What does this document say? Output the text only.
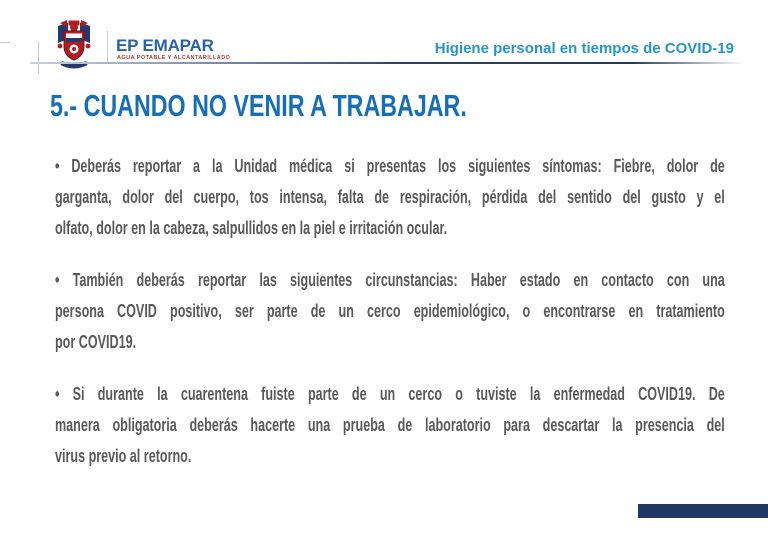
EP EMAPAR
AGUA POTABLE Y ALCANTARILLADO
Higiene personal en tiempos de COVID-19
5.- CUANDO NO VENIR A TRABAJAR.
• Deberás reportar a la Unidad médica si presentas los siguientes síntomas: Fiebre, dolor de
garganta, dolor del cuerpo, tos intensa, falta de respiración, pérdida del sentido del gusto y el
olfato, dolor en la cabeza, salpullidos en la piel e irritación ocular.
• También deberás reportar las siguientes circunstancias: Haber estado en contacto con una
persona COVID positivo, ser parte de un cerco epidemiológico, o encontrarse en tratamiento
por COVID19.
• Si durante la cuarentena fuiste parte de un cerco o tuviste la enfermedad COVID19. De
manera obligatoria deberás hacerte una prueba de laboratorio para descartar la presencia del
virus previo al retorno.
